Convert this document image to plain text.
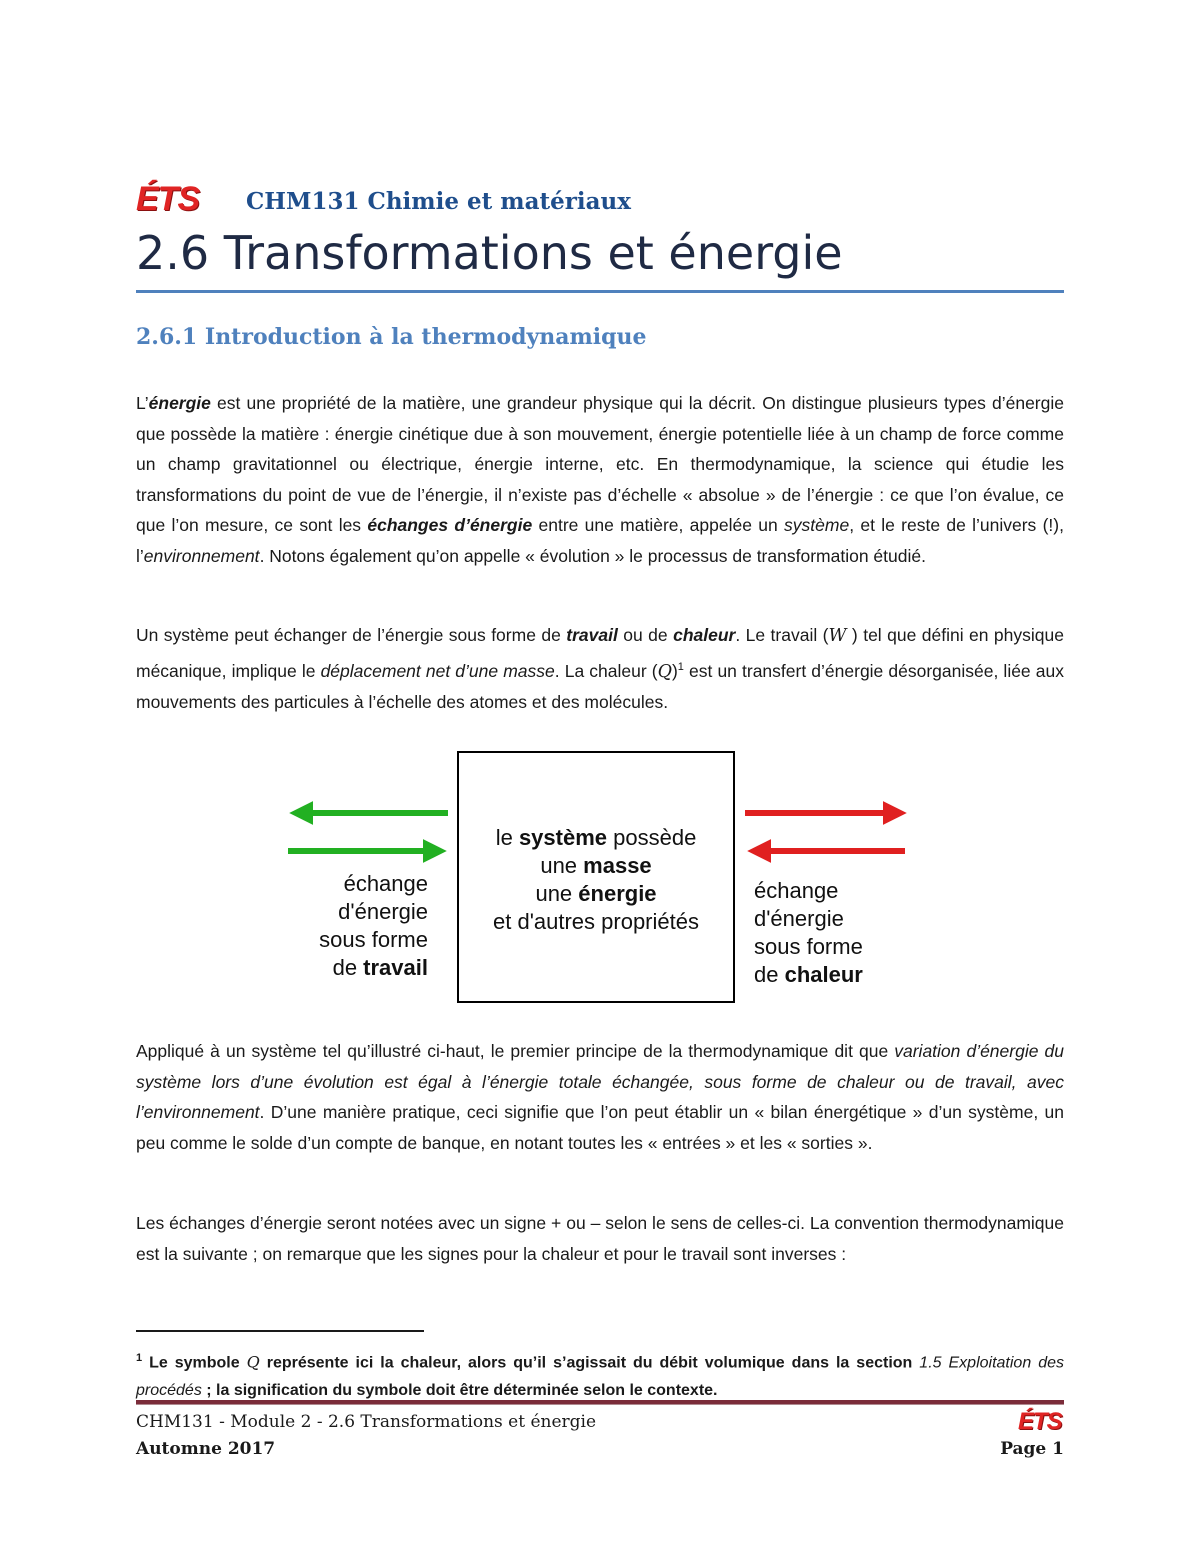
ÉTS CHM131 Chimie et matériaux
2.6 Transformations et énergie
2.6.1 Introduction à la thermodynamique
L’énergie est une propriété de la matière, une grandeur physique qui la décrit. On distingue plusieurs types d’énergie que possède la matière : énergie cinétique due à son mouvement, énergie potentielle liée à un champ de force comme un champ gravitationnel ou électrique, énergie interne, etc. En thermodynamique, la science qui étudie les transformations du point de vue de l’énergie, il n’existe pas d’échelle « absolue » de l’énergie : ce que l’on évalue, ce que l’on mesure, ce sont les échanges d’énergie entre une matière, appelée un système, et le reste de l’univers (!), l’environnement. Notons également qu’on appelle « évolution » le processus de transformation étudié.
Un système peut échanger de l’énergie sous forme de travail ou de chaleur. Le travail (W ) tel que défini en physique mécanique, implique le déplacement net d’une masse. La chaleur $(Q)^1$ est un transfert d’énergie désorganisée, liée aux mouvements des particules à l’échelle des atomes et des molécules.
le système possède
une masse
une énergie
et d'autres propriétés
échange
d'énergie
sous forme
de travail
échange
d'énergie
sous forme
de chaleur
Appliqué à un système tel qu’illustré ci-haut, le premier principe de la thermodynamique dit que variation d’énergie du système lors d’une évolution est égal à l’énergie totale échangée, sous forme de chaleur ou de travail, avec l’environnement. D’une manière pratique, ceci signifie que l’on peut établir un « bilan énergétique » d’un système, un peu comme le solde d’un compte de banque, en notant toutes les « entrées » et les « sorties ».
Les échanges d’énergie seront notées avec un signe + ou – selon le sens de celles-ci. La convention thermodynamique est la suivante ; on remarque que les signes pour la chaleur et pour le travail sont inverses :
$^1$ Le symbole Q représente ici la chaleur, alors qu’il s’agissait du débit volumique dans la section 1.5 Exploitation des procédés ; la signification du symbole doit être déterminée selon le contexte.
CHM131 - Module 2 - 2.6 Transformations et énergie
Automne 2017
ÉTS
Page 1
